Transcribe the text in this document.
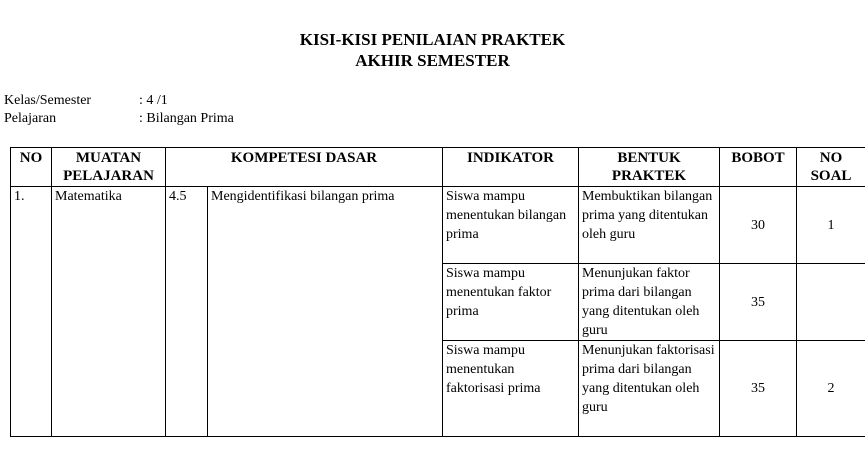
KISI-KISI PENILAIAN PRAKTEK
AKHIR SEMESTER
Kelas/Semester	: 4 /1
Pelajaran	: Bilangan Prima
NO	MUATAN PELAJARAN	KOMPETESI DASAR		INDIKATOR	BENTUK PRAKTEK	BOBOT	NO SOAL
1.	Matematika	4.5	Mengidentifikasi bilangan prima	Siswa mampu menentukan bilangan prima	Membuktikan bilangan prima yang ditentukan oleh guru	30	1
				Siswa mampu menentukan faktor prima	Menunjukan faktor prima dari bilangan yang ditentukan oleh guru	35	
				Siswa mampu menentukan faktorisasi prima	Menunjukan faktorisasi prima dari bilangan yang ditentukan oleh guru	35	2
